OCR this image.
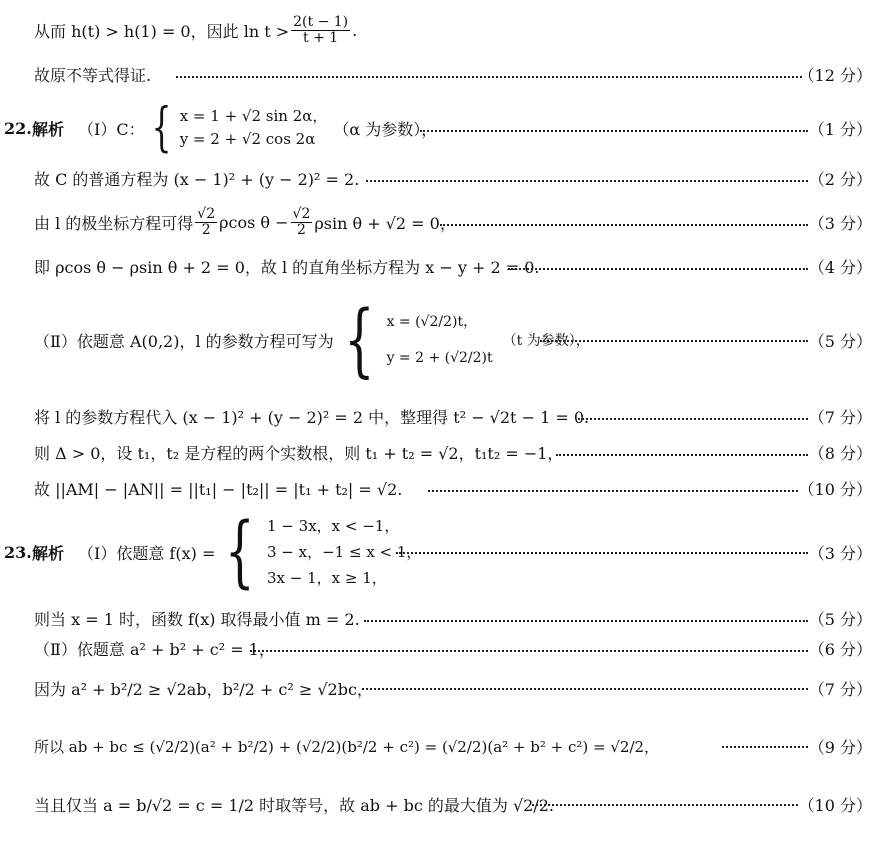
从而 h(t) > h(1) = 0，因此 $\ln t > \frac{2(t - 1)}{t + 1}$ .
故原不等式得证.	（12 分）
22. 解析 （Ⅰ）C： { x = 1 + √2 sin 2α，
y = 2 + √2 cos 2α
（α 为参数），	（1 分）
故 C 的普通方程为 (x − 1)² + (y − 2)² = 2.	（2 分）
由 l 的极坐标方程可得 $\frac{√2}{2}$ ρcos $\theta - \frac{√2}{2}$ ρsin θ + √2 = 0，	（3 分）
即 ρcos θ − ρsin θ + 2 = 0，故 l 的直角坐标方程为 x − y + 2 = 0.	（4 分）
（Ⅱ）依题意 A(0,2)，l 的参数方程可写为 { x = (√2/2)t，
y = 2 + (√2/2)t
（t 为参数），	（5 分）
将 l 的参数方程代入 (x − 1)² + (y − 2)² = 2 中，整理得 t² − √2t − 1 = 0.	（7 分）
则 Δ > 0，设 t₁，t₂ 是方程的两个实数根，则 t₁ + t₂ = √2，t₁t₂ = −1，	（8 分）
故 ||AM| − |AN|| = ||t₁| − |t₂|| = |t₁ + t₂| = √2.	（10 分）
23. 解析 （Ⅰ）依题意 f(x) = { 1 − 3x，x < −1，
3 − x，−1 ≤ x < 1，
3x − 1，x ≥ 1，
（3 分）
则当 x = 1 时，函数 f(x) 取得最小值 m = 2.	（5 分）
（Ⅱ）依题意 a² + b² + c² = 1，	（6 分）
因为 a² + b²/2 ≥ √2ab，b²/2 + c² ≥ √2bc，	（7 分）
所以 ab + bc ≤ (√2/2)(a² + b²/2) + (√2/2)(b²/2 + c²) = (√2/2)(a² + b² + c²) = √2/2，	（9 分）
当且仅当 a = b/√2 = c = 1/2 时取等号，故 ab + bc 的最大值为 √2/2.	（10 分）
